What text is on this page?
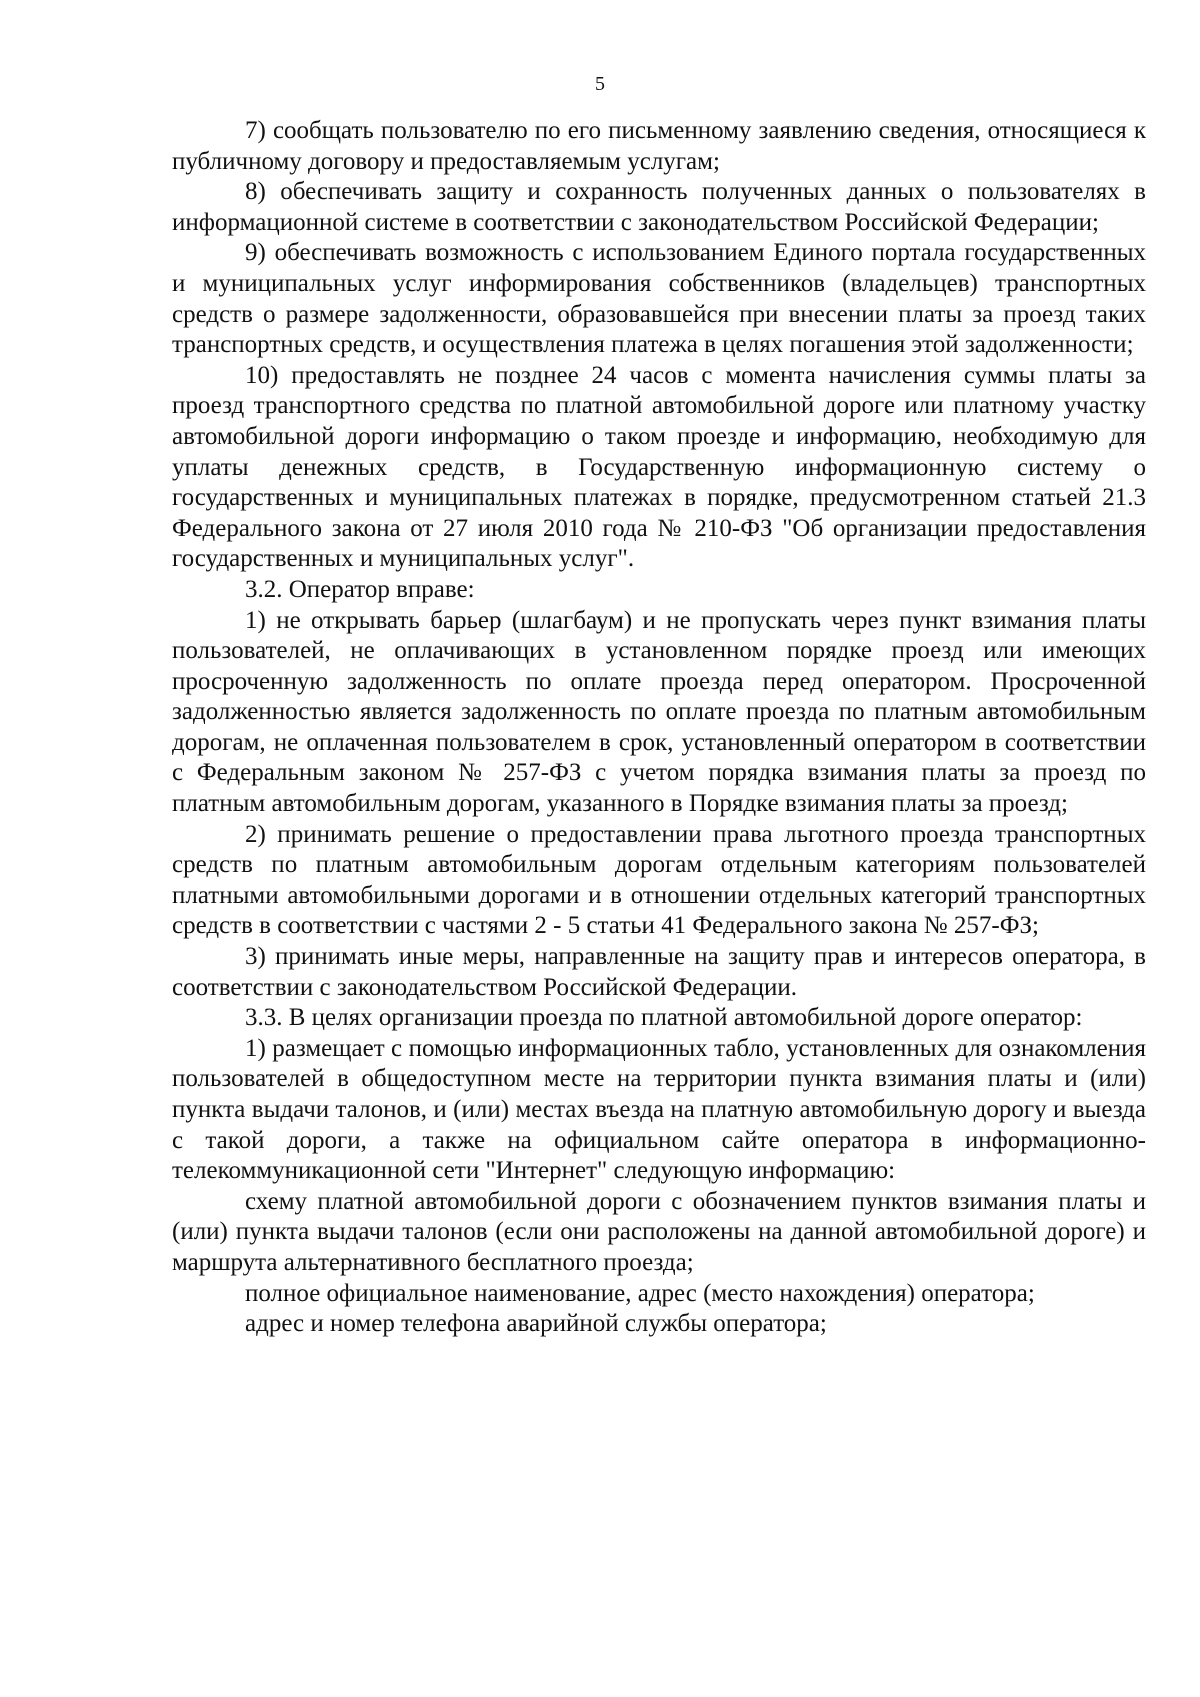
5

7) сообщать пользователю по его письменному заявлению сведения, относящиеся к публичному договору и предоставляемым услугам;

8) обеспечивать защиту и сохранность полученных данных о пользователях в информационной системе в соответствии с законодательством Российской Федерации;

9) обеспечивать возможность с использованием Единого портала государственных и муниципальных услуг информирования собственников (владельцев) транспортных средств о размере задолженности, образовавшейся при внесении платы за проезд таких транспортных средств, и осуществления платежа в целях погашения этой задолженности;

10) предоставлять не позднее 24 часов с момента начисления суммы платы за проезд транспортного средства по платной автомобильной дороге или платному участку автомобильной дороги информацию о таком проезде и информацию, необходимую для уплаты денежных средств, в Государственную информационную систему о государственных и муниципальных платежах в порядке, предусмотренном статьей 21.3 Федерального закона от 27 июля 2010 года № 210-ФЗ "Об организации предоставления государственных и муниципальных услуг".

3.2. Оператор вправе:

1) не открывать барьер (шлагбаум) и не пропускать через пункт взимания платы пользователей, не оплачивающих в установленном порядке проезд или имеющих просроченную задолженность по оплате проезда перед оператором. Просроченной задолженностью является задолженность по оплате проезда по платным автомобильным дорогам, не оплаченная пользователем в срок, установленный оператором в соответствии с Федеральным законом № 257-ФЗ с учетом порядка взимания платы за проезд по платным автомобильным дорогам, указанного в Порядке взимания платы за проезд;

2) принимать решение о предоставлении права льготного проезда транспортных средств по платным автомобильным дорогам отдельным категориям пользователей платными автомобильными дорогами и в отношении отдельных категорий транспортных средств в соответствии с частями 2 - 5 статьи 41 Федерального закона № 257-ФЗ;

3) принимать иные меры, направленные на защиту прав и интересов оператора, в соответствии с законодательством Российской Федерации.

3.3. В целях организации проезда по платной автомобильной дороге оператор:

1) размещает с помощью информационных табло, установленных для ознакомления пользователей в общедоступном месте на территории пункта взимания платы и (или) пункта выдачи талонов, и (или) местах въезда на платную автомобильную дорогу и выезда с такой дороги, а также на официальном сайте оператора в информационно-телекоммуникационной сети "Интернет" следующую информацию:

схему платной автомобильной дороги с обозначением пунктов взимания платы и (или) пункта выдачи талонов (если они расположены на данной автомобильной дороге) и маршрута альтернативного бесплатного проезда;

полное официальное наименование, адрес (место нахождения) оператора;

адрес и номер телефона аварийной службы оператора;
